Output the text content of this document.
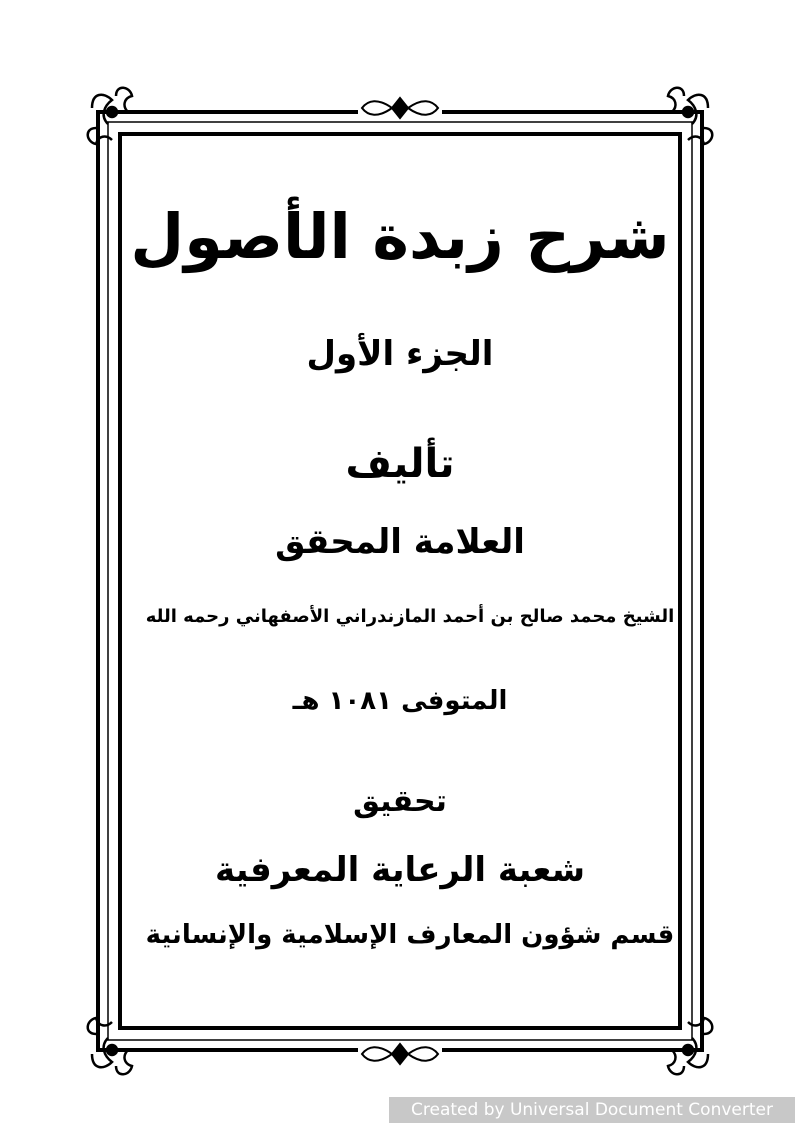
شرح زبدة الأصول
الجزء الأول
تأليف
العلامة المحقق
الشيخ محمد صالح بن أحمد المازندراني الأصفهاني رحمه الله
المتوفى ١٠٨١ هـ
تحقيق
شعبة الرعاية المعرفية
قسم شؤون المعارف الإسلامية والإنسانية
Created by Universal Document Converter
